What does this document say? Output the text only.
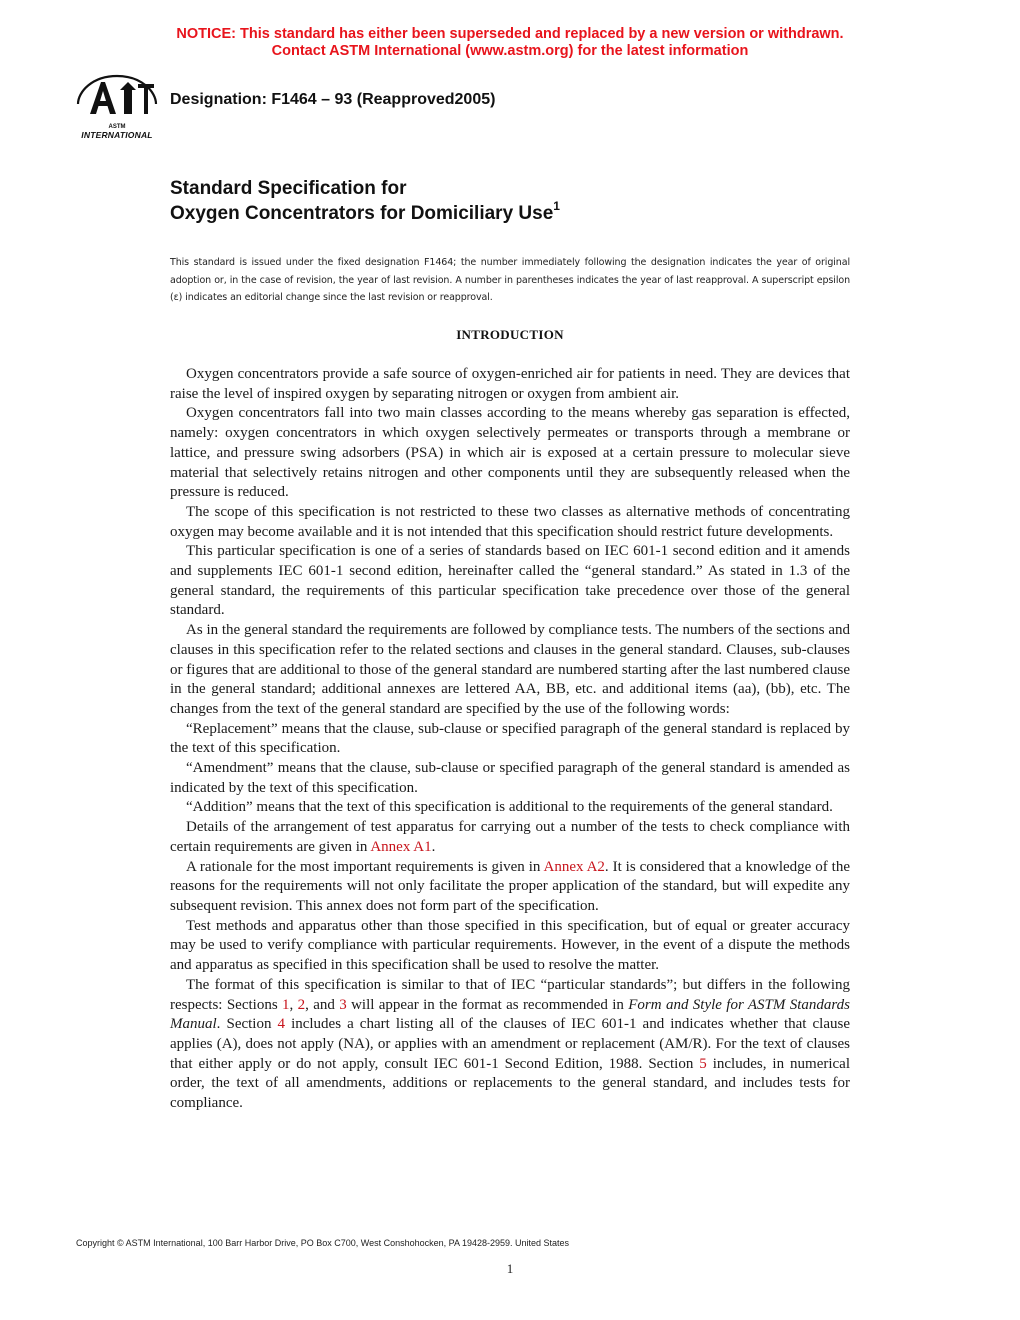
NOTICE: This standard has either been superseded and replaced by a new version or withdrawn.
Contact ASTM International (www.astm.org) for the latest information
ASTM
INTERNATIONAL
Designation: F1464 – 93 (Reapproved2005)
Standard Specification for
Oxygen Concentrators for Domiciliary Use$^1$
This standard is issued under the fixed designation F1464; the number immediately following the designation indicates the year of original adoption or, in the case of revision, the year of last revision. A number in parentheses indicates the year of last reapproval. A superscript epsilon (ε) indicates an editorial change since the last revision or reapproval.
INTRODUCTION

Oxygen concentrators provide a safe source of oxygen-enriched air for patients in need. They are devices that raise the level of inspired oxygen by separating nitrogen or oxygen from ambient air.

Oxygen concentrators fall into two main classes according to the means whereby gas separation is effected, namely: oxygen concentrators in which oxygen selectively permeates or transports through a membrane or lattice, and pressure swing adsorbers (PSA) in which air is exposed at a certain pressure to molecular sieve material that selectively retains nitrogen and other components until they are subsequently released when the pressure is reduced.

The scope of this specification is not restricted to these two classes as alternative methods of concentrating oxygen may become available and it is not intended that this specification should restrict future developments.

This particular specification is one of a series of standards based on IEC 601-1 second edition and it amends and supplements IEC 601-1 second edition, hereinafter called the “general standard.” As stated in 1.3 of the general standard, the requirements of this particular specification take precedence over those of the general standard.

As in the general standard the requirements are followed by compliance tests. The numbers of the sections and clauses in this specification refer to the related sections and clauses in the general standard. Clauses, sub-clauses or figures that are additional to those of the general standard are numbered starting after the last numbered clause in the general standard; additional annexes are lettered AA, BB, etc. and additional items (aa), (bb), etc. The changes from the text of the general standard are specified by the use of the following words:

“Replacement” means that the clause, sub-clause or specified paragraph of the general standard is replaced by the text of this specification.

“Amendment” means that the clause, sub-clause or specified paragraph of the general standard is amended as indicated by the text of this specification.

“Addition” means that the text of this specification is additional to the requirements of the general standard.

Details of the arrangement of test apparatus for carrying out a number of the tests to check compliance with certain requirements are given in Annex A1.

A rationale for the most important requirements is given in Annex A2. It is considered that a knowledge of the reasons for the requirements will not only facilitate the proper application of the standard, but will expedite any subsequent revision. This annex does not form part of the specification.

Test methods and apparatus other than those specified in this specification, but of equal or greater accuracy may be used to verify compliance with particular requirements. However, in the event of a dispute the methods and apparatus as specified in this specification shall be used to resolve the matter.

The format of this specification is similar to that of IEC “particular standards”; but differs in the following respects: Sections 1, 2, and 3 will appear in the format as recommended in Form and Style for ASTM Standards Manual. Section 4 includes a chart listing all of the clauses of IEC 601-1 and indicates whether that clause applies (A), does not apply (NA), or applies with an amendment or replacement (AM/R). For the text of clauses that either apply or do not apply, consult IEC 601-1 Second Edition, 1988. Section 5 includes, in numerical order, the text of all amendments, additions or replacements to the general standard, and includes tests for compliance.

Copyright © ASTM International, 100 Barr Harbor Drive, PO Box C700, West Conshohocken, PA 19428-2959. United States
1
